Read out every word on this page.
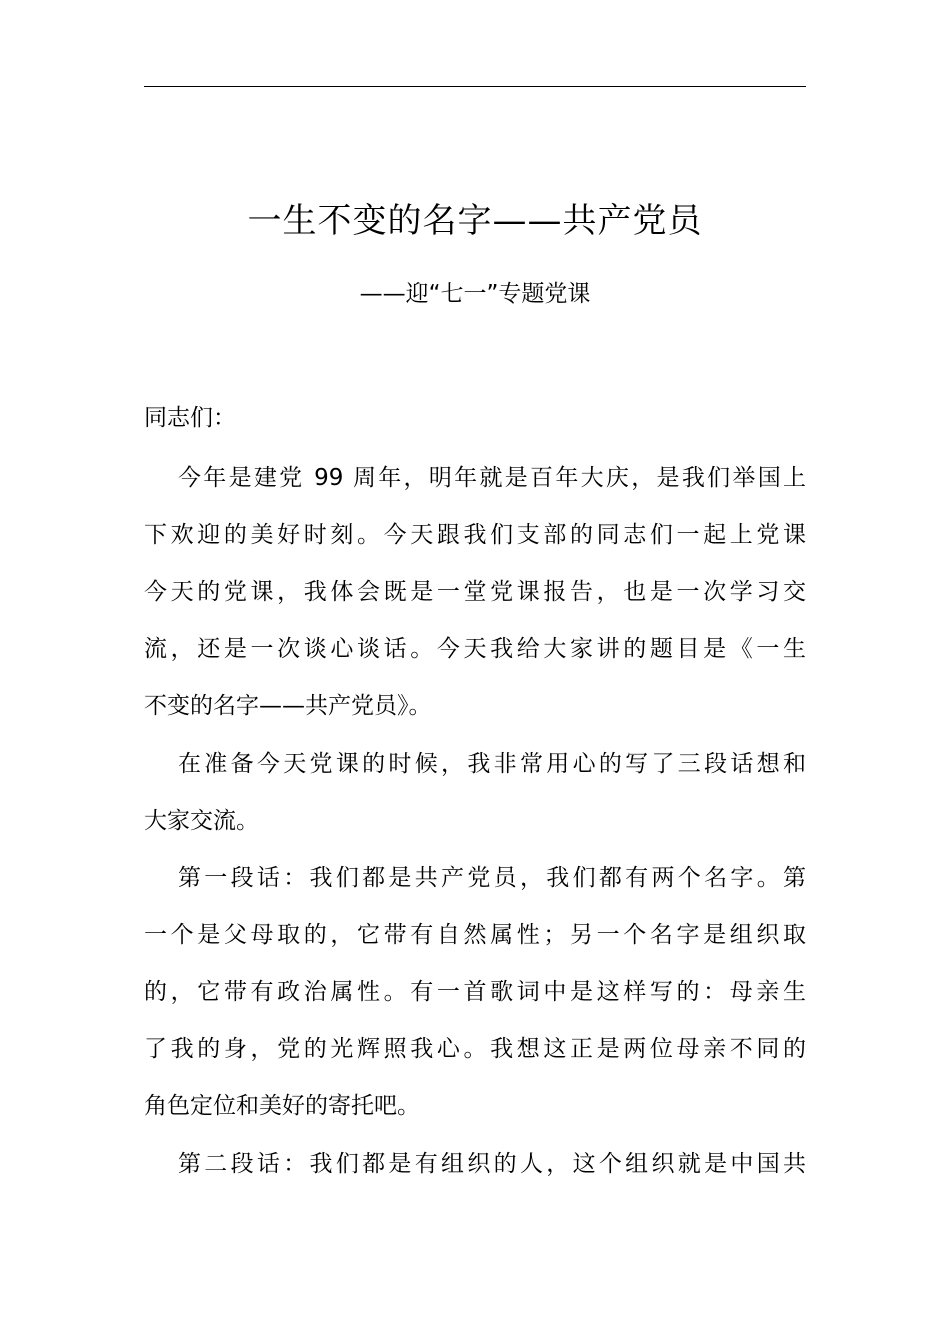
一生不变的名字——共产党员
——迎“七一”专题党课
同志们：
今年是建党 99 周年，明年就是百年大庆，是我们举国上
下欢迎的美好时刻。今天跟我们支部的同志们一起上党课
今天的党课，我体会既是一堂党课报告，也是一次学习交
流，还是一次谈心谈话。今天我给大家讲的题目是《一生
不变的名字——共产党员》。
在准备今天党课的时候，我非常用心的写了三段话想和
大家交流。
第一段话：我们都是共产党员，我们都有两个名字。第
一个是父母取的，它带有自然属性；另一个名字是组织取
的，它带有政治属性。有一首歌词中是这样写的：母亲生
了我的身，党的光辉照我心。我想这正是两位母亲不同的
角色定位和美好的寄托吧。
第二段话：我们都是有组织的人，这个组织就是中国共
